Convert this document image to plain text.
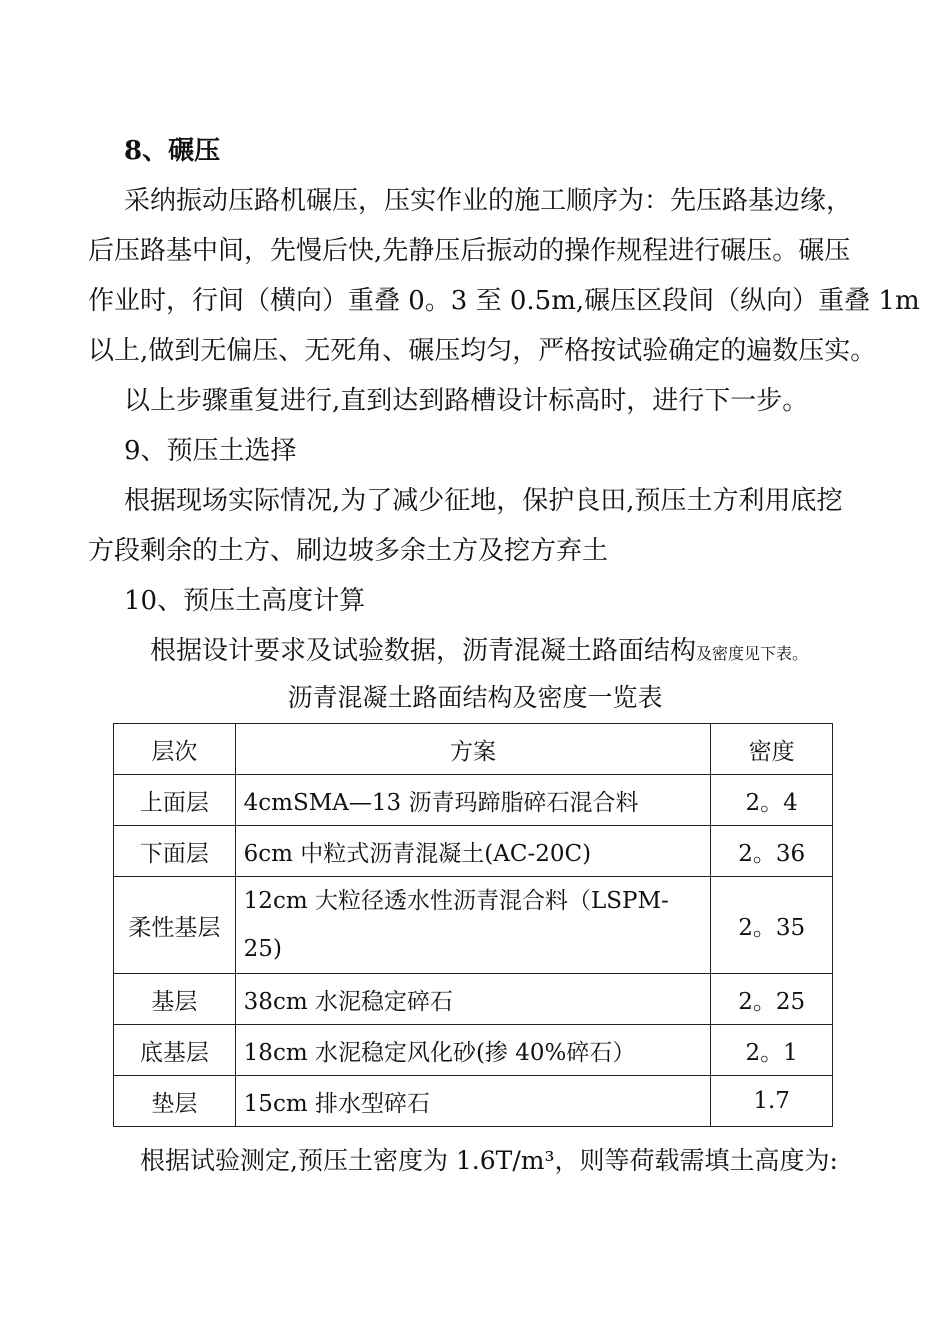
8、碾压
采纳振动压路机碾压，压实作业的施工顺序为：先压路基边缘，
后压路基中间，先慢后快,先静压后振动的操作规程进行碾压。碾压
作业时，行间（横向）重叠 0。3 至 0.5m,碾压区段间（纵向）重叠 1m
以上,做到无偏压、无死角、碾压均匀，严格按试验确定的遍数压实。
以上步骤重复进行,直到达到路槽设计标高时，进行下一步。
9、预压土选择
根据现场实际情况,为了减少征地，保护良田,预压土方利用底挖
方段剩余的土方、刷边坡多余土方及挖方弃土
10、预压土高度计算
根据设计要求及试验数据，沥青混凝土路面结构及密度见下表。
沥青混凝土路面结构及密度一览表
层次	方案	密度
上面层	4cmSMA—13 沥青玛蹄脂碎石混合料	2。4
下面层	6cm 中粒式沥青混凝土(AC-20C)	2。36
柔性基层	12cm 大粒径透水性沥青混合料（LSPM-25)	2。35
基层	38cm 水泥稳定碎石	2。25
底基层	18cm 水泥稳定风化砂(掺 40%碎石）	2。1
垫层	15cm 排水型碎石	1.7
根据试验测定,预压土密度为 1.6T/m³，则等荷载需填土高度为:
